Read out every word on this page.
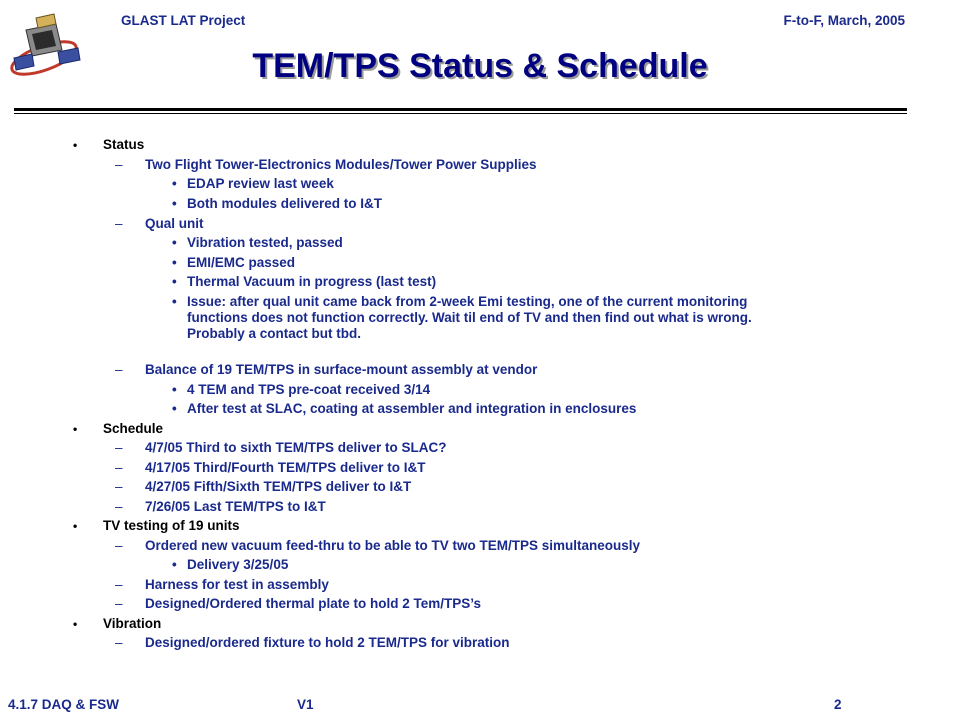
GLAST LAT Project	F-to-F, March, 2005
TEM/TPS Status & Schedule
• Status
– Two Flight Tower-Electronics Modules/Tower Power Supplies
• EDAP review last week
• Both modules delivered to I&T
– Qual unit
• Vibration tested, passed
• EMI/EMC passed
• Thermal Vacuum in progress (last test)
• Issue: after qual unit came back from 2-week Emi testing, one of the current monitoring
functions does not function correctly. Wait til end of TV and then find out what is wrong.
Probably a contact but tbd.
– Balance of 19 TEM/TPS in surface-mount assembly at vendor
• 4 TEM and TPS pre-coat received 3/14
• After test at SLAC, coating at assembler and integration in enclosures
• Schedule
– 4/7/05 Third to sixth TEM/TPS deliver to SLAC?
– 4/17/05 Third/Fourth TEM/TPS deliver to I&T
– 4/27/05 Fifth/Sixth TEM/TPS deliver to I&T
– 7/26/05 Last TEM/TPS to I&T
• TV testing of 19 units
– Ordered new vacuum feed-thru to be able to TV two TEM/TPS simultaneously
• Delivery 3/25/05
– Harness for test in assembly
– Designed/Ordered thermal plate to hold 2 Tem/TPS’s
• Vibration
– Designed/ordered fixture to hold 2 TEM/TPS for vibration
4.1.7 DAQ & FSW	V1	2
